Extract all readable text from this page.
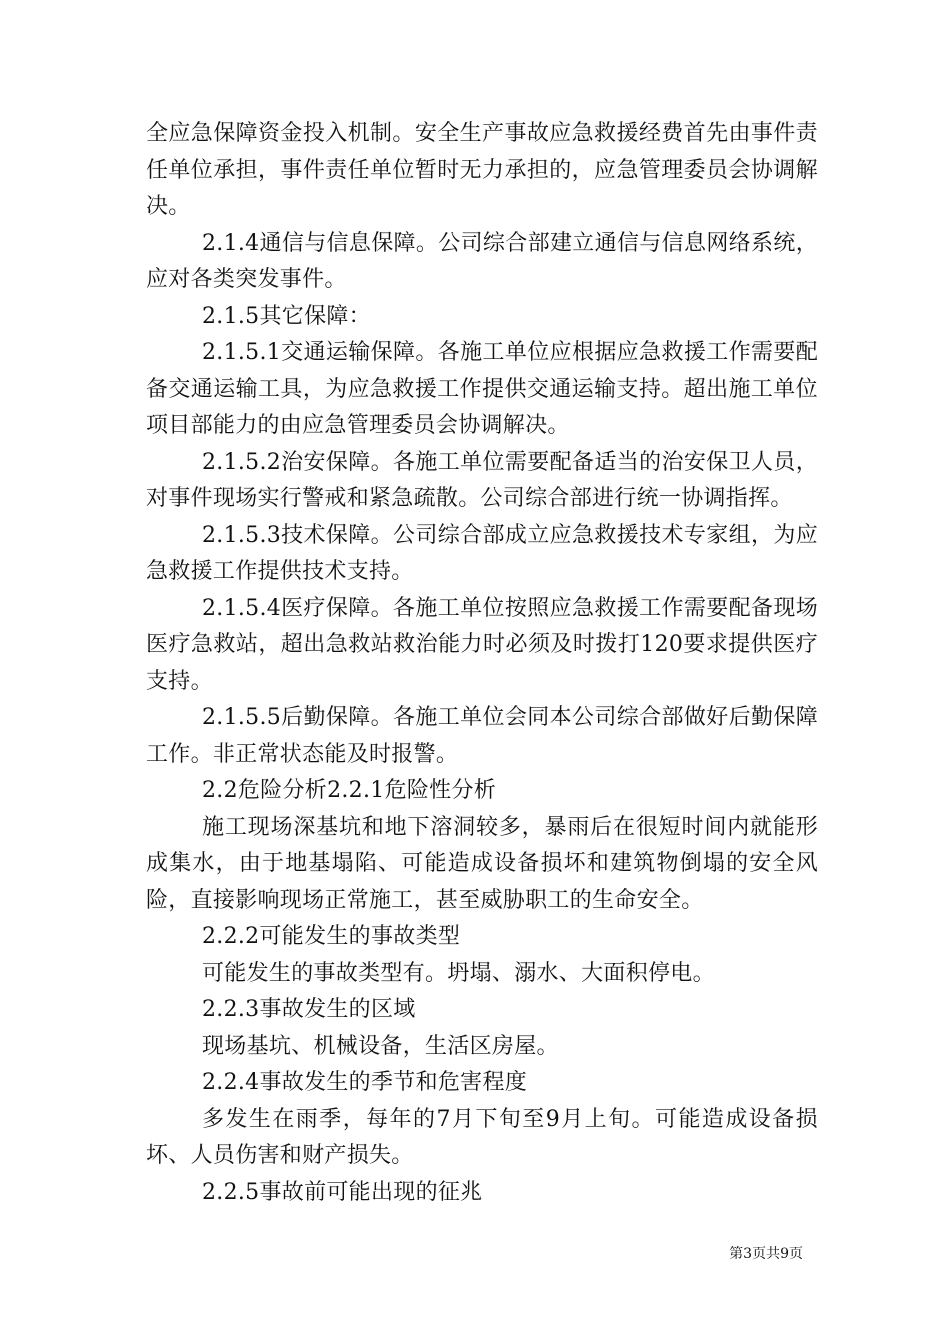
全应急保障资金投入机制。安全生产事故应急救援经费首先由事件责任单位承担，事件责任单位暂时无力承担的，应急管理委员会协调解决。

2.1.4通信与信息保障。公司综合部建立通信与信息网络系统，应对各类突发事件。

2.1.5其它保障：

2.1.5.1交通运输保障。各施工单位应根据应急救援工作需要配备交通运输工具，为应急救援工作提供交通运输支持。超出施工单位项目部能力的由应急管理委员会协调解决。

2.1.5.2治安保障。各施工单位需要配备适当的治安保卫人员，对事件现场实行警戒和紧急疏散。公司综合部进行统一协调指挥。

2.1.5.3技术保障。公司综合部成立应急救援技术专家组，为应急救援工作提供技术支持。

2.1.5.4医疗保障。各施工单位按照应急救援工作需要配备现场医疗急救站，超出急救站救治能力时必须及时拨打120要求提供医疗支持。

2.1.5.5后勤保障。各施工单位会同本公司综合部做好后勤保障工作。非正常状态能及时报警。

2.2危险分析2.2.1危险性分析

施工现场深基坑和地下溶洞较多，暴雨后在很短时间内就能形成集水，由于地基塌陷、可能造成设备损坏和建筑物倒塌的安全风险，直接影响现场正常施工，甚至威胁职工的生命安全。

2.2.2可能发生的事故类型

可能发生的事故类型有。坍塌、溺水、大面积停电。

2.2.3事故发生的区域

现场基坑、机械设备，生活区房屋。

2.2.4事故发生的季节和危害程度

多发生在雨季，每年的7月下旬至9月上旬。可能造成设备损坏、人员伤害和财产损失。

2.2.5事故前可能出现的征兆

第3页共9页
